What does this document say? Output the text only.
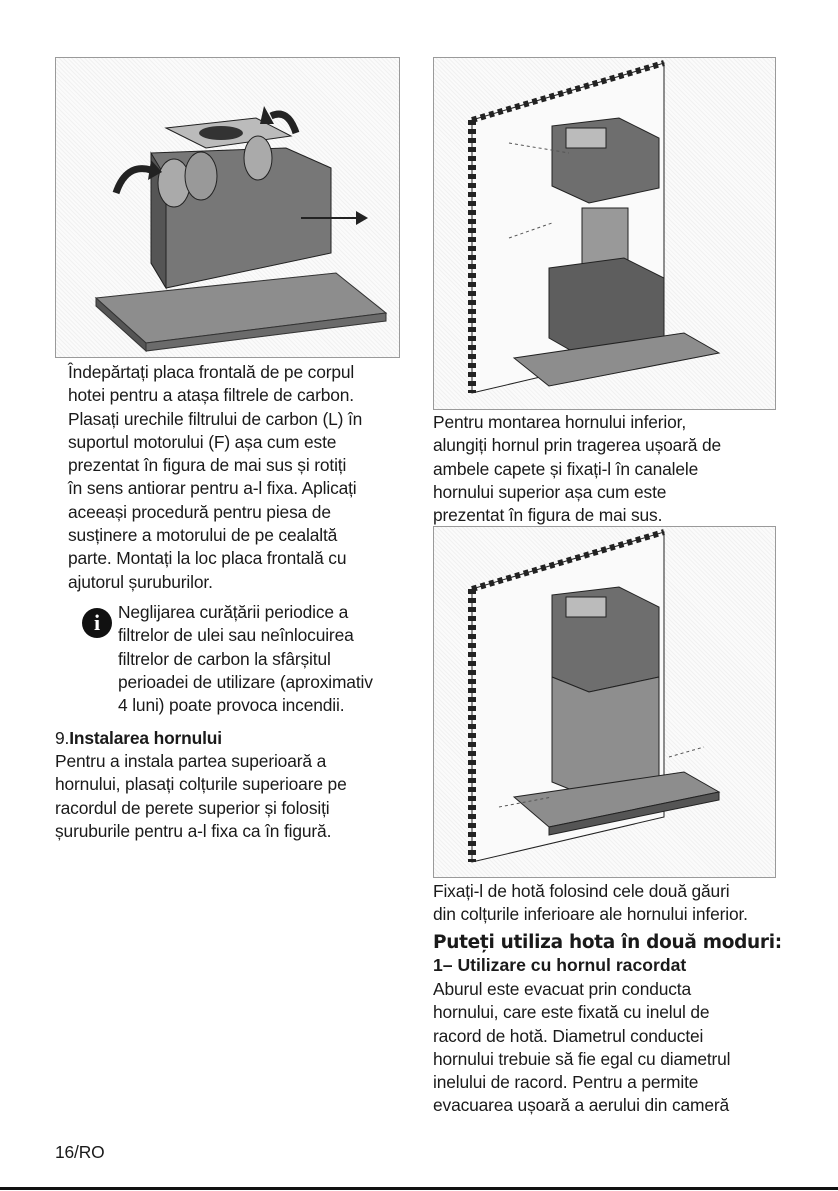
Îndepărtați placa frontală de pe corpul
hotei pentru a atașa filtrele de carbon.
Plasați urechile filtrului de carbon (L) în
suportul motorului (F) așa cum este
prezentat în figura de mai sus și rotiți
în sens antiorar pentru a-l fixa. Aplicați
aceeași procedură pentru piesa de
susținere a motorului de pe cealaltă
parte. Montați la loc placa frontală cu
ajutorul șuruburilor.
i	Neglijarea curățării periodice a
filtrelor de ulei sau neînlocuirea
filtrelor de carbon la sfârșitul
perioadei de utilizare (aproximativ
4 luni) poate provoca incendii.
9.Instalarea hornului
Pentru a instala partea superioară a
hornului, plasați colțurile superioare pe
racordul de perete superior și folosiți
șuruburile pentru a-l fixa ca în figură.
Pentru montarea hornului inferior,
alungiți hornul prin tragerea ușoară de
ambele capete și fixați-l în canalele
hornului superior așa cum este
prezentat în figura de mai sus.
Fixați-l de hotă folosind cele două găuri
din colțurile inferioare ale hornului inferior.
Puteți utiliza hota în două moduri:
1– Utilizare cu hornul racordat
Aburul este evacuat prin conducta
hornului, care este fixată cu inelul de
racord de hotă. Diametrul conductei
hornului trebuie să fie egal cu diametrul
inelului de racord. Pentru a permite
evacuarea ușoară a aerului din cameră
16/RO
